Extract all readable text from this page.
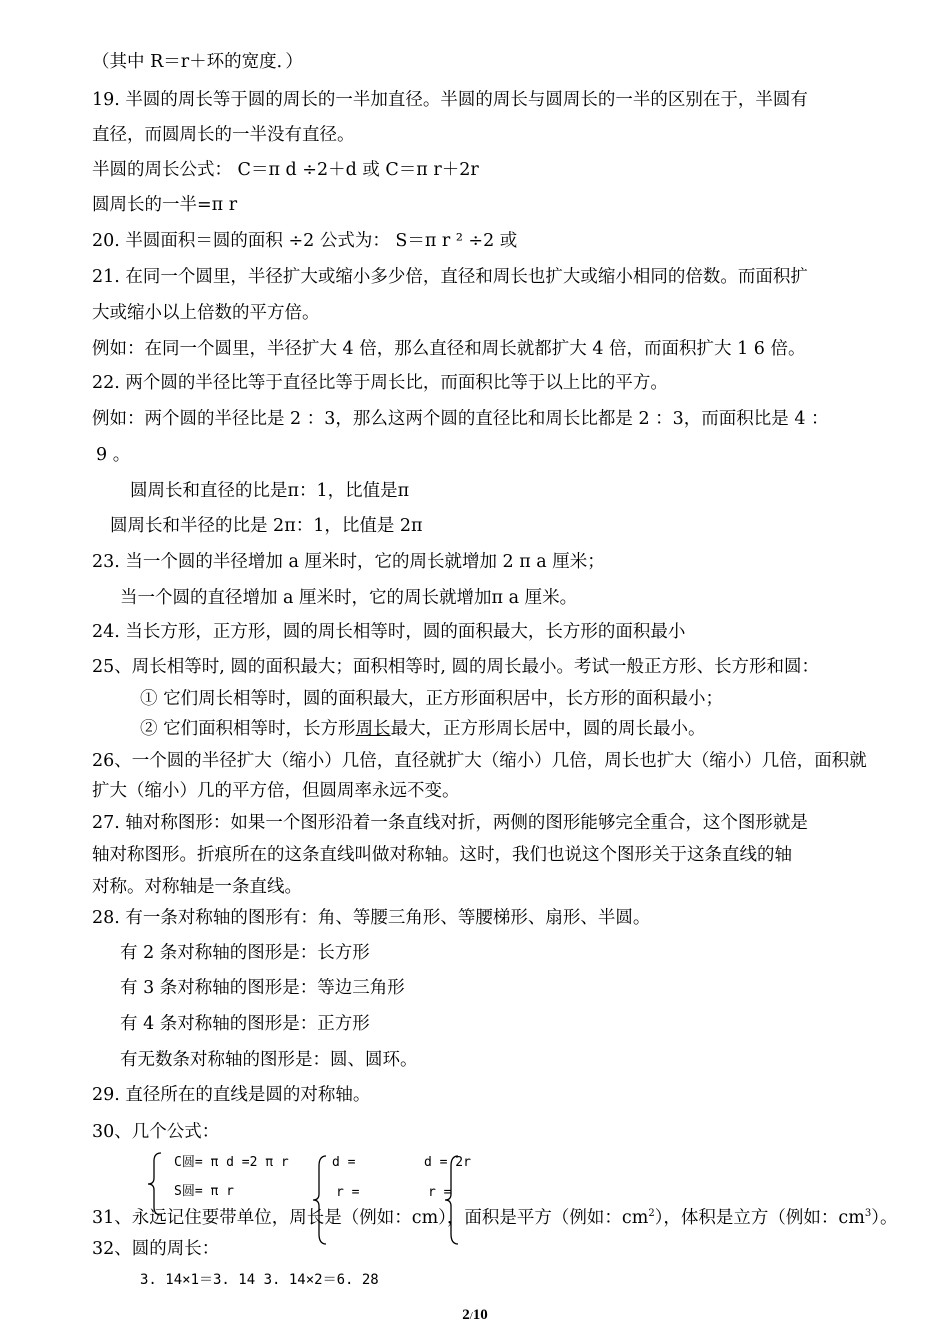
（其中 R＝r＋环的宽度．）
19. 半圆的周长等于圆的周长的一半加直径。半圆的周长与圆周长的一半的区别在于，半圆有
直径，而圆周长的一半没有直径。
半圆的周长公式： C＝π d ÷2＋d 或 C＝π r＋2r
圆周长的一半=π r
20. 半圆面积＝圆的面积 ÷2 公式为： S＝π r ² ÷2 或
21. 在同一个圆里，半径扩大或缩小多少倍，直径和周长也扩大或缩小相同的倍数。而面积扩
大或缩小以上倍数的平方倍。
例如：在同一个圆里，半径扩大 4 倍，那么直径和周长就都扩大 4 倍，而面积扩大 1 6 倍。
22. 两个圆的半径比等于直径比等于周长比，而面积比等于以上比的平方。
例如：两个圆的半径比是 2 ：3，那么这两个圆的直径比和周长比都是 2 ：3，而面积比是 4 ：
9 。
圆周长和直径的比是π：1，比值是π
圆周长和半径的比是 2π：1，比值是 2π
23. 当一个圆的半径增加 a 厘米时，它的周长就增加 2 π a 厘米；
当一个圆的直径增加 a 厘米时，它的周长就增加π a 厘米。
24. 当长方形，正方形，圆的周长相等时，圆的面积最大，长方形的面积最小
25、周长相等时, 圆的面积最大；面积相等时, 圆的周长最小。考试一般正方形、长方形和圆：
① 它们周长相等时，圆的面积最大，正方形面积居中，长方形的面积最小；
② 它们面积相等时，长方形周长最大，正方形周长居中，圆的周长最小。
26、一个圆的半径扩大（缩小）几倍，直径就扩大（缩小）几倍，周长也扩大（缩小）几倍，面积就
扩大（缩小）几的平方倍，但圆周率永远不变。
27. 轴对称图形：如果一个图形沿着一条直线对折，两侧的图形能够完全重合，这个图形就是
轴对称图形。折痕所在的这条直线叫做对称轴。这时，我们也说这个图形关于这条直线的轴
对称。对称轴是一条直线。
28. 有一条对称轴的图形有：角、等腰三角形、等腰梯形、扇形、半圆。
有 2 条对称轴的图形是：长方形
有 3 条对称轴的图形是：等边三角形
有 4 条对称轴的图形是：正方形
有无数条对称轴的图形是：圆、圆环。
29. 直径所在的直线是圆的对称轴。
30、几个公式：
C圆= π d =2 π r
S圆= π r
d =
r =
d = 2r
r =
31、永远记住要带单位，周长是（例如：cm），面积是平方（例如：$cm^2$），体积是立方（例如：$cm^3$）。
32、圆的周长：
3. 14×1＝3. 14 3. 14×2＝6. 28
2/10
